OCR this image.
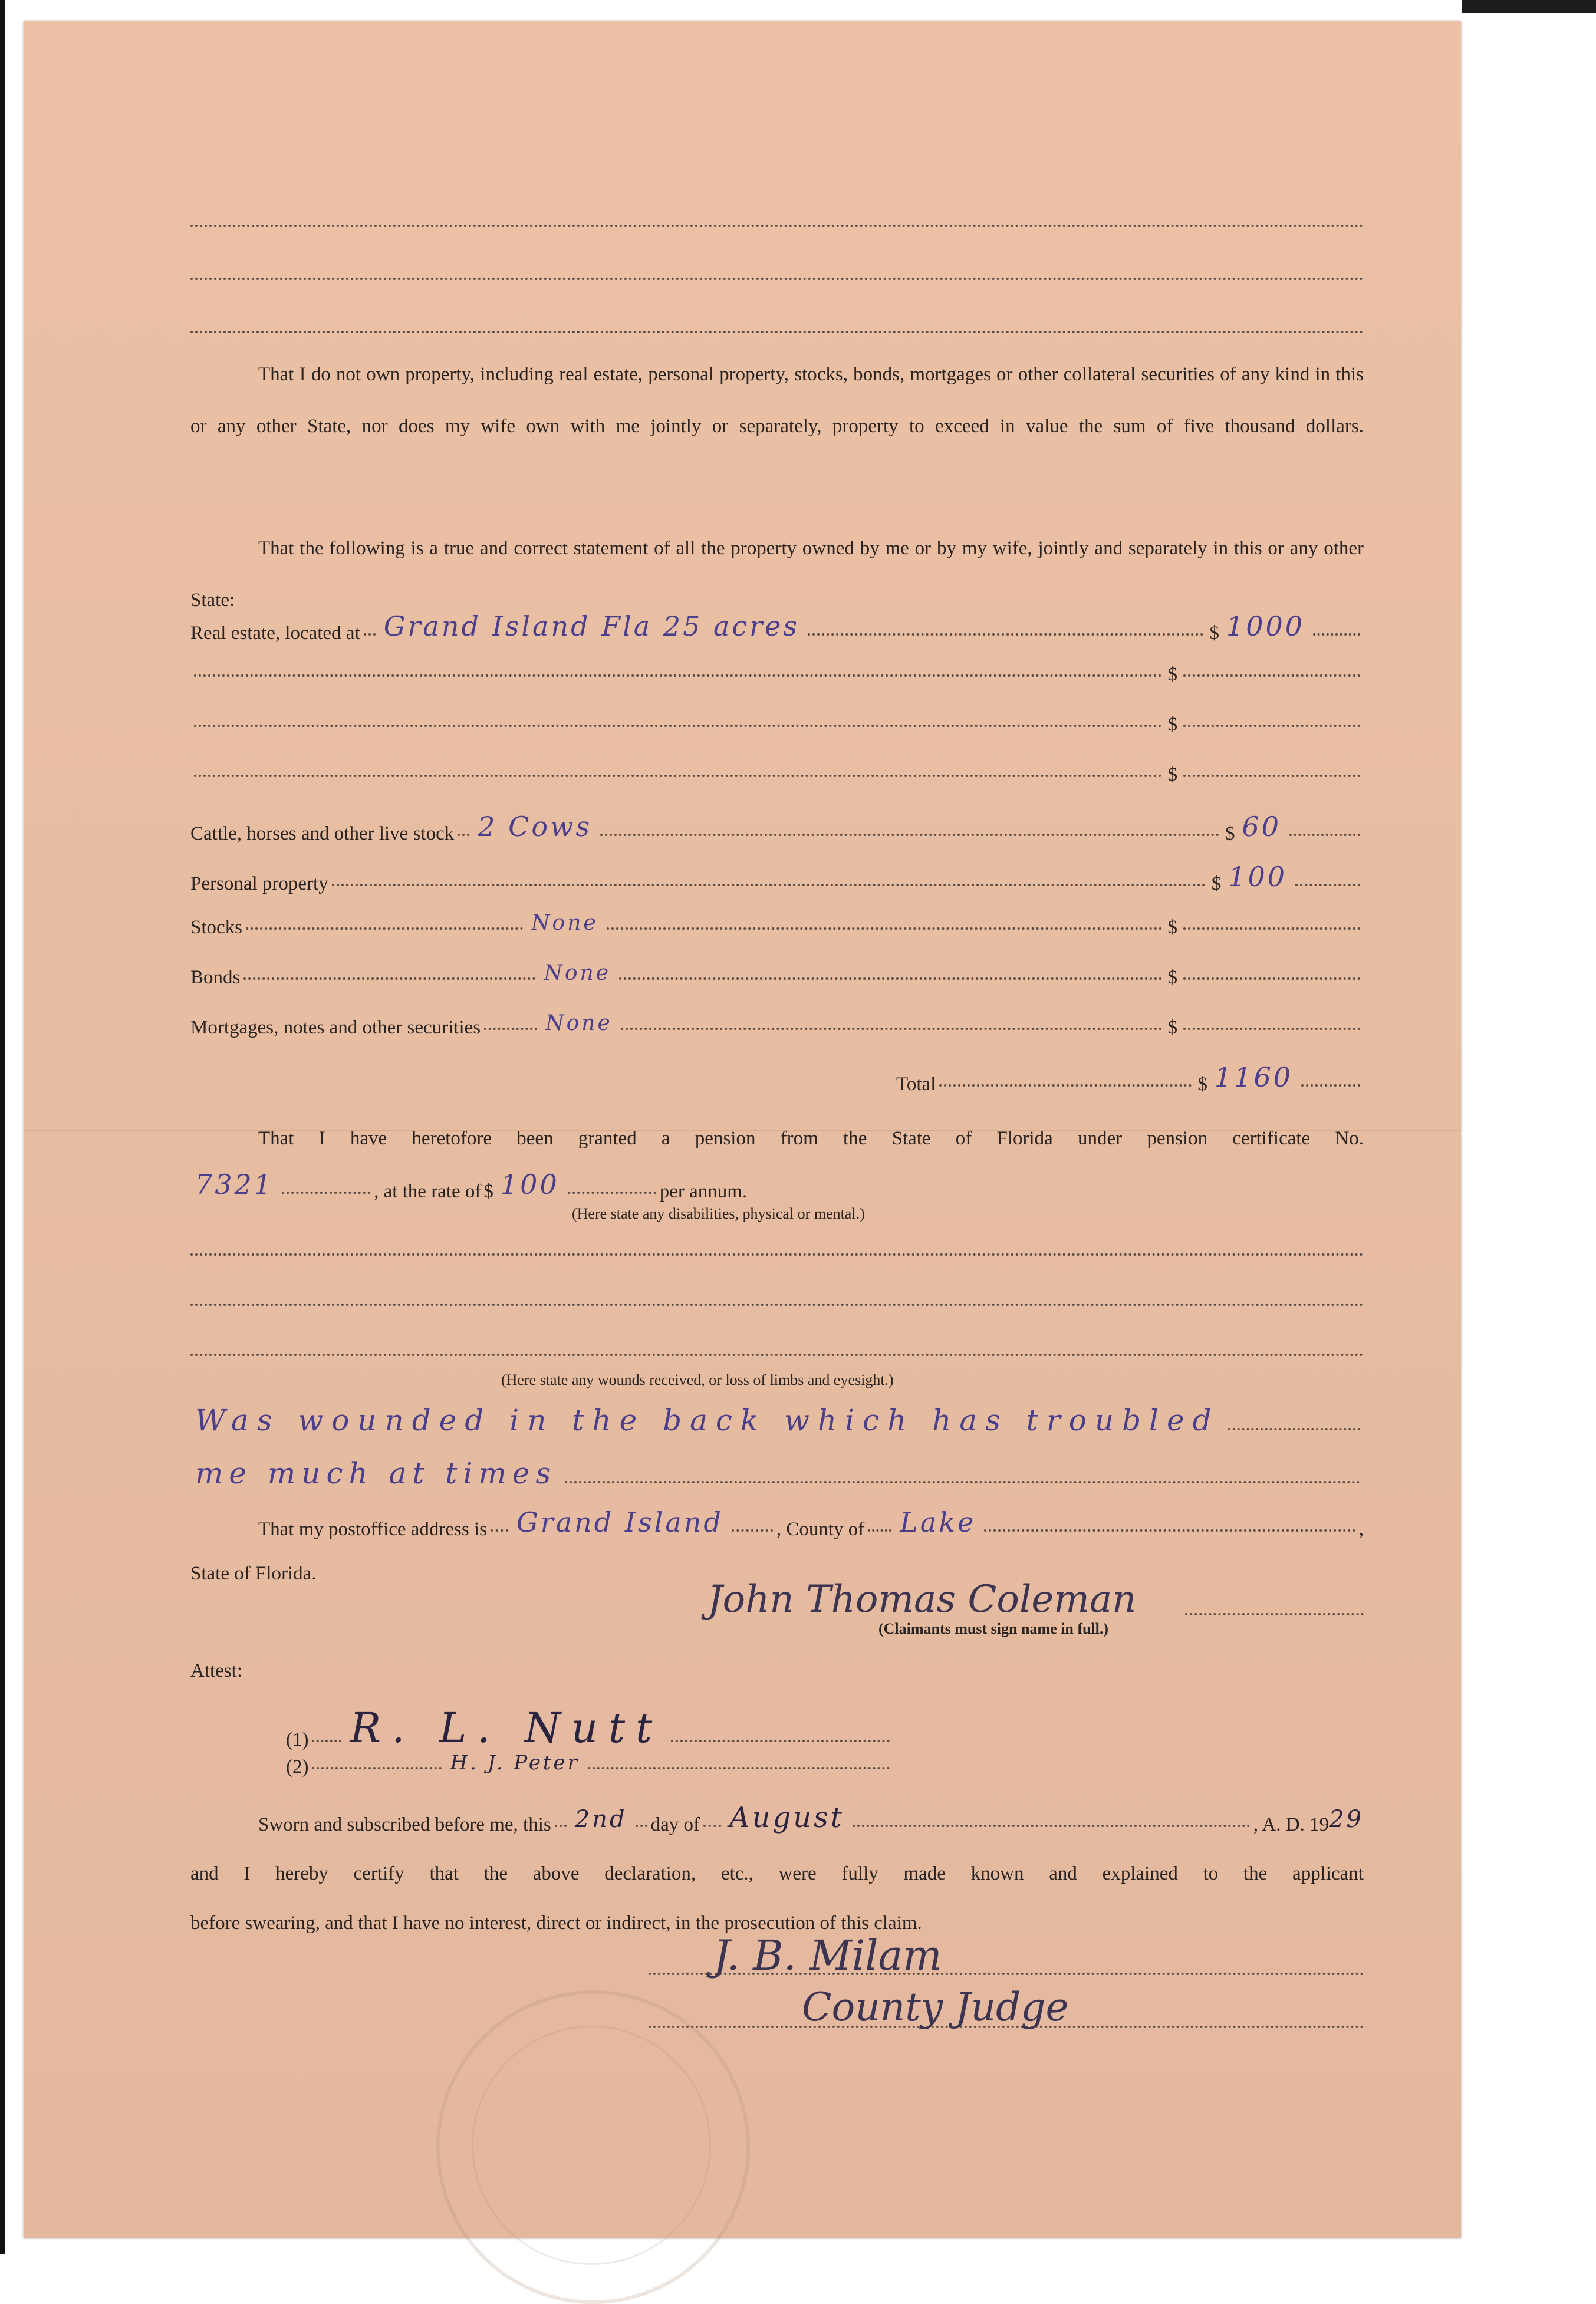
That I do not own property, including real estate, personal property, stocks, bonds, mortgages or other collateral securities of any kind in this or any other State, nor does my wife own with me jointly or separately, property to exceed in value the sum of five thousand dollars.
That the following is a true and correct statement of all the property owned by me or by my wife, jointly and separately in this or any other State:
Real estate, located at Grand Island Fla 25 acres	$ 1000
$
$
$
Cattle, horses and other live stock 2 Cows	$ 60
Personal property	$ 100
Stocks	None	$
Bonds	None	$
Mortgages, notes and other securities	None	$
Total	$ 1160
That I have heretofore been granted a pension from the State of Florida under pension certificate No.
7321	, at the rate of $ 100	per annum.
(Here state any disabilities, physical or mental.)
(Here state any wounds received, or loss of limbs and eyesight.)
Was wounded in the back which has troubled
me much at times
That my postoffice address is Grand Island	, County of Lake	,
State of Florida.
John Thomas Coleman
(Claimants must sign name in full.)
Attest:
(1) R. L. Nutt
(2)	H. J. Peter
Sworn and subscribed before me, this 2nd day of August	, A. D. 19 29
and I hereby certify that the above declaration, etc., were fully made known and explained to the applicant
before swearing, and that I have no interest, direct or indirect, in the prosecution of this claim.
J. B. Milam
County Judge
